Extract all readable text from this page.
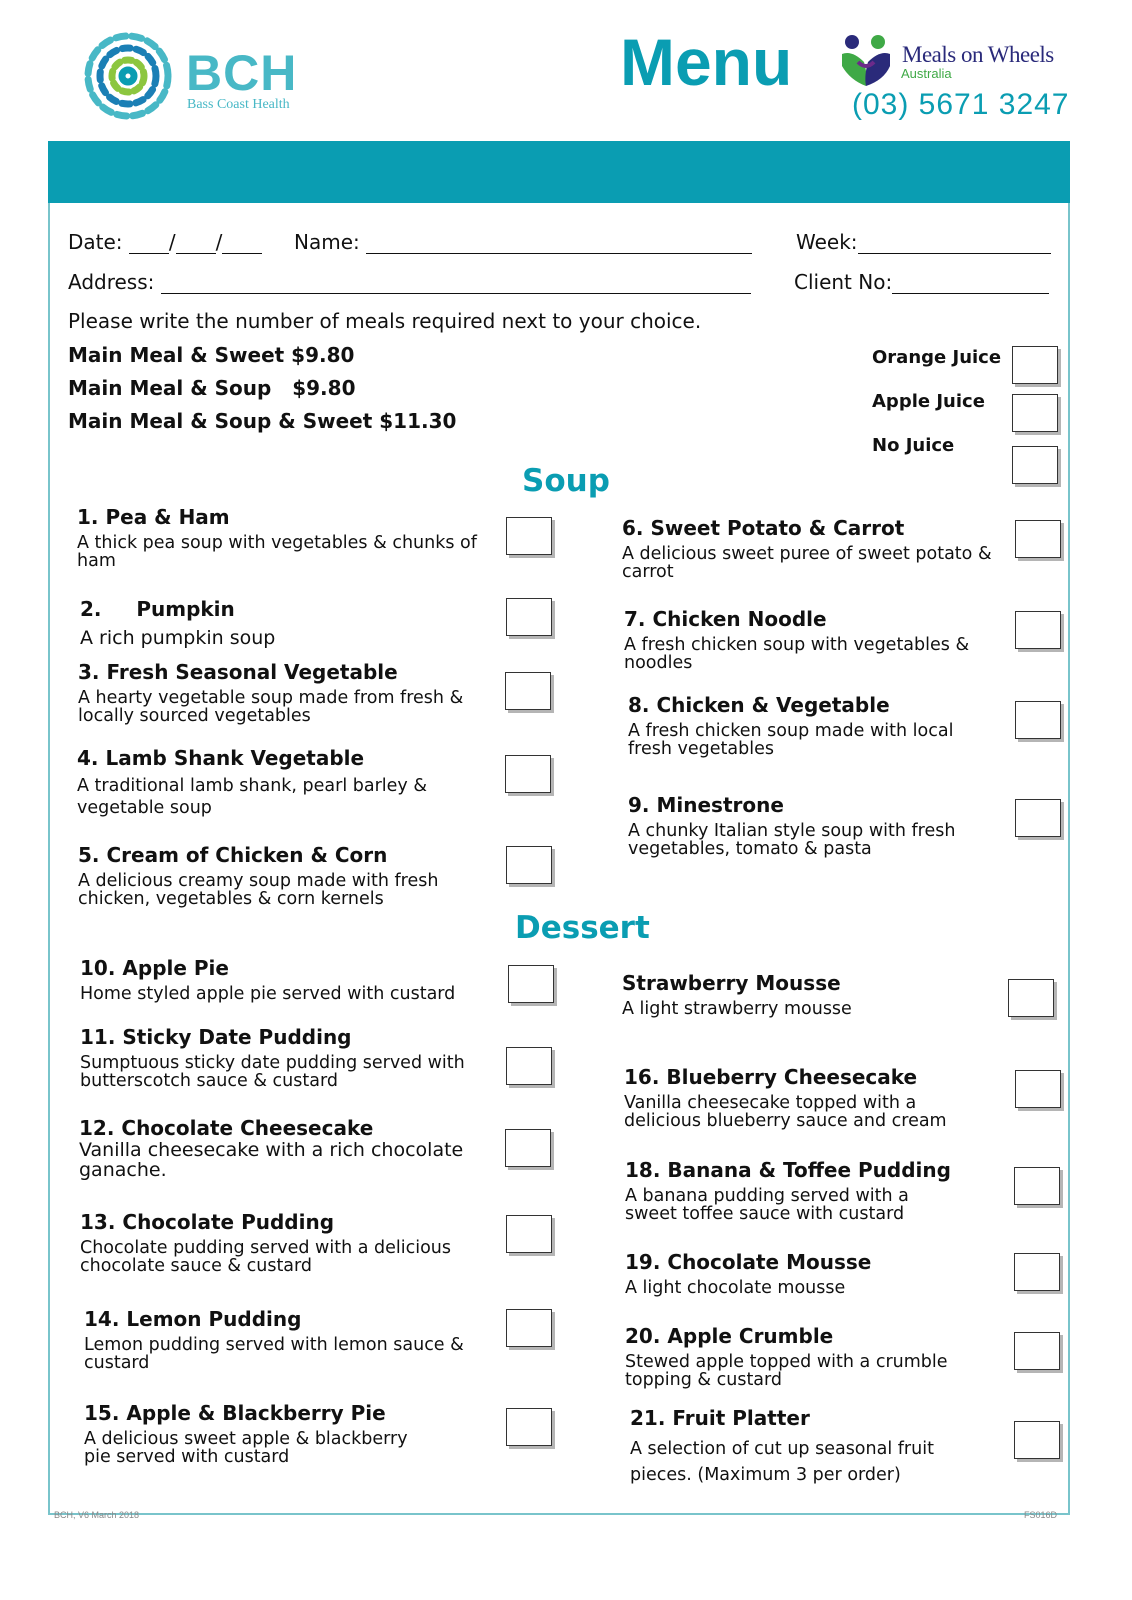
BCH
Bass Coast Health
Menu	Meals on Wheels
Australia
(03) 5671 3247
Date: / /	Name:	Week:
Address:	Client No:
Please write the number of meals required next to your choice.
Main Meal & Sweet $9.80
Main Meal & Soup   $9.80
Main Meal & Soup & Sweet $11.30
Orange Juice
Apple Juice
No Juice
Soup
1. Pea & Ham
A thick pea soup with vegetables & chunks of ham
2.     Pumpkin
A rich pumpkin soup
3. Fresh Seasonal Vegetable
A hearty vegetable soup made from fresh & locally sourced vegetables
4. Lamb Shank Vegetable
A traditional lamb shank, pearl barley & vegetable soup
5. Cream of Chicken & Corn
A delicious creamy soup made with fresh chicken, vegetables & corn kernels
6. Sweet Potato & Carrot
A delicious sweet puree of sweet potato & carrot
7. Chicken Noodle
A fresh chicken soup with vegetables & noodles
8. Chicken & Vegetable
A fresh chicken soup made with local fresh vegetables
9. Minestrone
A chunky Italian style soup with fresh vegetables, tomato & pasta
Dessert
10. Apple Pie
Home styled apple pie served with custard
11. Sticky Date Pudding
Sumptuous sticky date pudding served with butterscotch sauce & custard
12. Chocolate Cheesecake
Vanilla cheesecake with a rich chocolate ganache.
13. Chocolate Pudding
Chocolate pudding served with a delicious chocolate sauce & custard
14. Lemon Pudding
Lemon pudding served with lemon sauce & custard
15. Apple & Blackberry Pie
A delicious sweet apple & blackberry pie served with custard
Strawberry Mousse
A light strawberry mousse
16. Blueberry Cheesecake
Vanilla cheesecake topped with a delicious blueberry sauce and cream
18. Banana & Toffee Pudding
A banana pudding served with a sweet toffee sauce with custard
19. Chocolate Mousse
A light chocolate mousse
20. Apple Crumble
Stewed apple topped with a crumble topping & custard
21. Fruit Platter
A selection of cut up seasonal fruit pieces. (Maximum 3 per order)
BCH, V6 March 2018	FS016D
